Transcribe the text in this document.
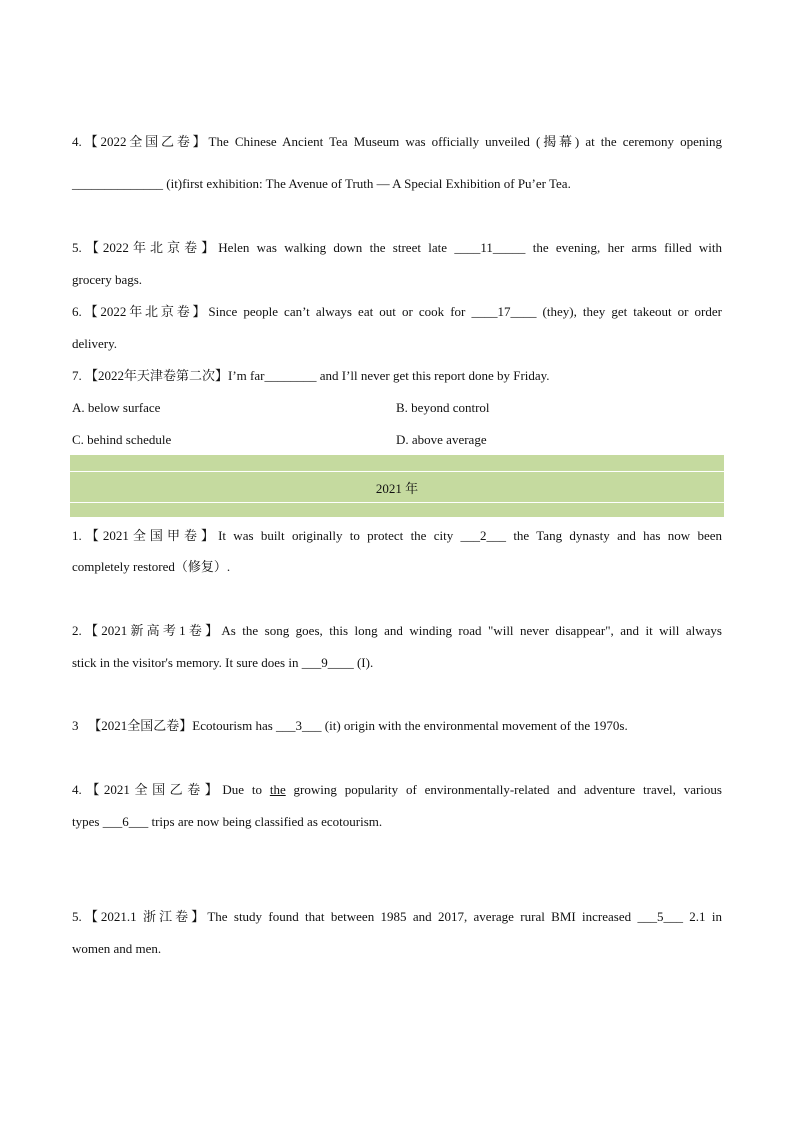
4.【2022全国乙卷】The Chinese Ancient Tea Museum was officially unveiled (揭幕) at the ceremony opening
______________ (it)first exhibition: The Avenue of Truth — A Special Exhibition of Pu’er Tea.
5.【2022年北京卷】Helen was walking down the street late ____11_____ the evening, her arms filled with
grocery bags.
6.【2022年北京卷】Since people can’t always eat out or cook for ____17____ (they), they get takeout or order
delivery.
7. 【2022年天津卷第二次】I’m far________ and I’ll never get this report done by Friday.
A. below surface	B. beyond control
C. behind schedule	D. above average
2021 年
1.【2021全国甲卷】It was built originally to protect the city ___2___ the Tang dynasty and has now been
completely restored（修复）.
2.【2021新高考1卷】As the song goes, this long and winding road "will never disappear", and it will always
stick in the visitor's memory. It sure does in ___9____ (I).
3 【2021全国乙卷】Ecotourism has ___3___ (it) origin with the environmental movement of the 1970s.
4.【2021全国乙卷】Due to the growing popularity of environmentally-related and adventure travel, various
types ___6___ trips are now being classified as ecotourism.
5.【2021.1 浙江卷】The study found that between 1985 and 2017, average rural BMI increased ___5___ 2.1 in
women and men.
